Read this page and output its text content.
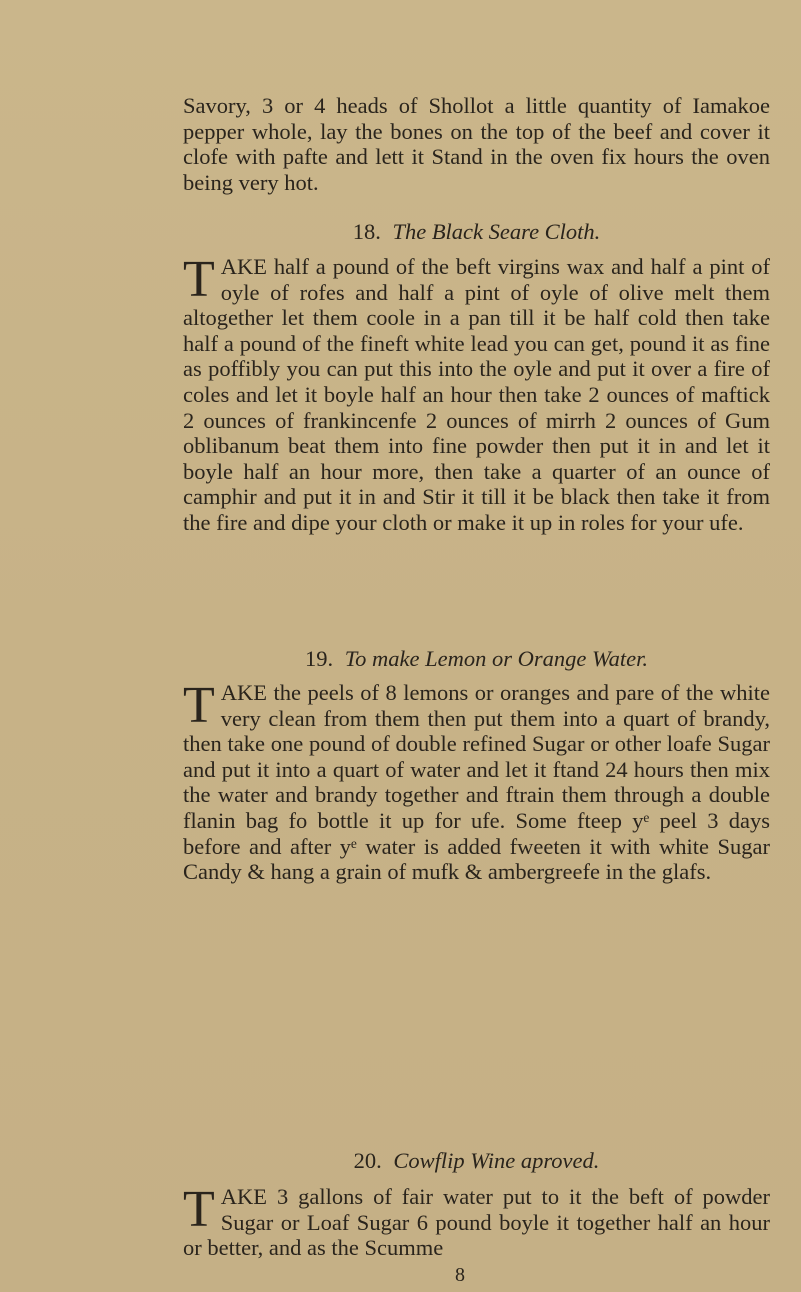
Savory, 3 or 4 heads of Shollot a little quantity of Iamakoe pepper whole, lay the bones on the top of the beef and cover it clofe with pafte and lett it Stand in the oven fix hours the oven being very hot.

18. The Black Seare Cloth.

T AKE half a pound of the beft virgins wax and half a pint of oyle of rofes and half a pint of oyle of olive melt them altogether let them coole in a pan till it be half cold then take half a pound of the fineft white lead you can get, pound it as fine as poffibly you can put this into the oyle and put it over a fire of coles and let it boyle half an hour then take 2 ounces of maftick 2 ounces of frankincenfe 2 ounces of mirrh 2 ounces of Gum oblibanum beat them into fine powder then put it in and let it boyle half an hour more, then take a quarter of an ounce of camphir and put it in and Stir it till it be black then take it from the fire and dipe your cloth or make it up in roles for your ufe.

19. To make Lemon or Orange Water.

T AKE the peels of 8 lemons or oranges and pare of the white very clean from them then put them into a quart of brandy, then take one pound of double refined Sugar or other loafe Sugar and put it into a quart of water and let it ftand 24 hours then mix the water and brandy together and ftrain them through a double flanin bag fo bottle it up for ufe. Some fteep yᵉ peel 3 days before and after yᵉ water is added fweeten it with white Sugar Candy & hang a grain of mufk & ambergreefe in the glafs.

20. Cowflip Wine aproved.

T AKE 3 gallons of fair water put to it the beft of powder Sugar or Loaf Sugar 6 pound boyle it together half an hour or better, and as the Scumme

8
